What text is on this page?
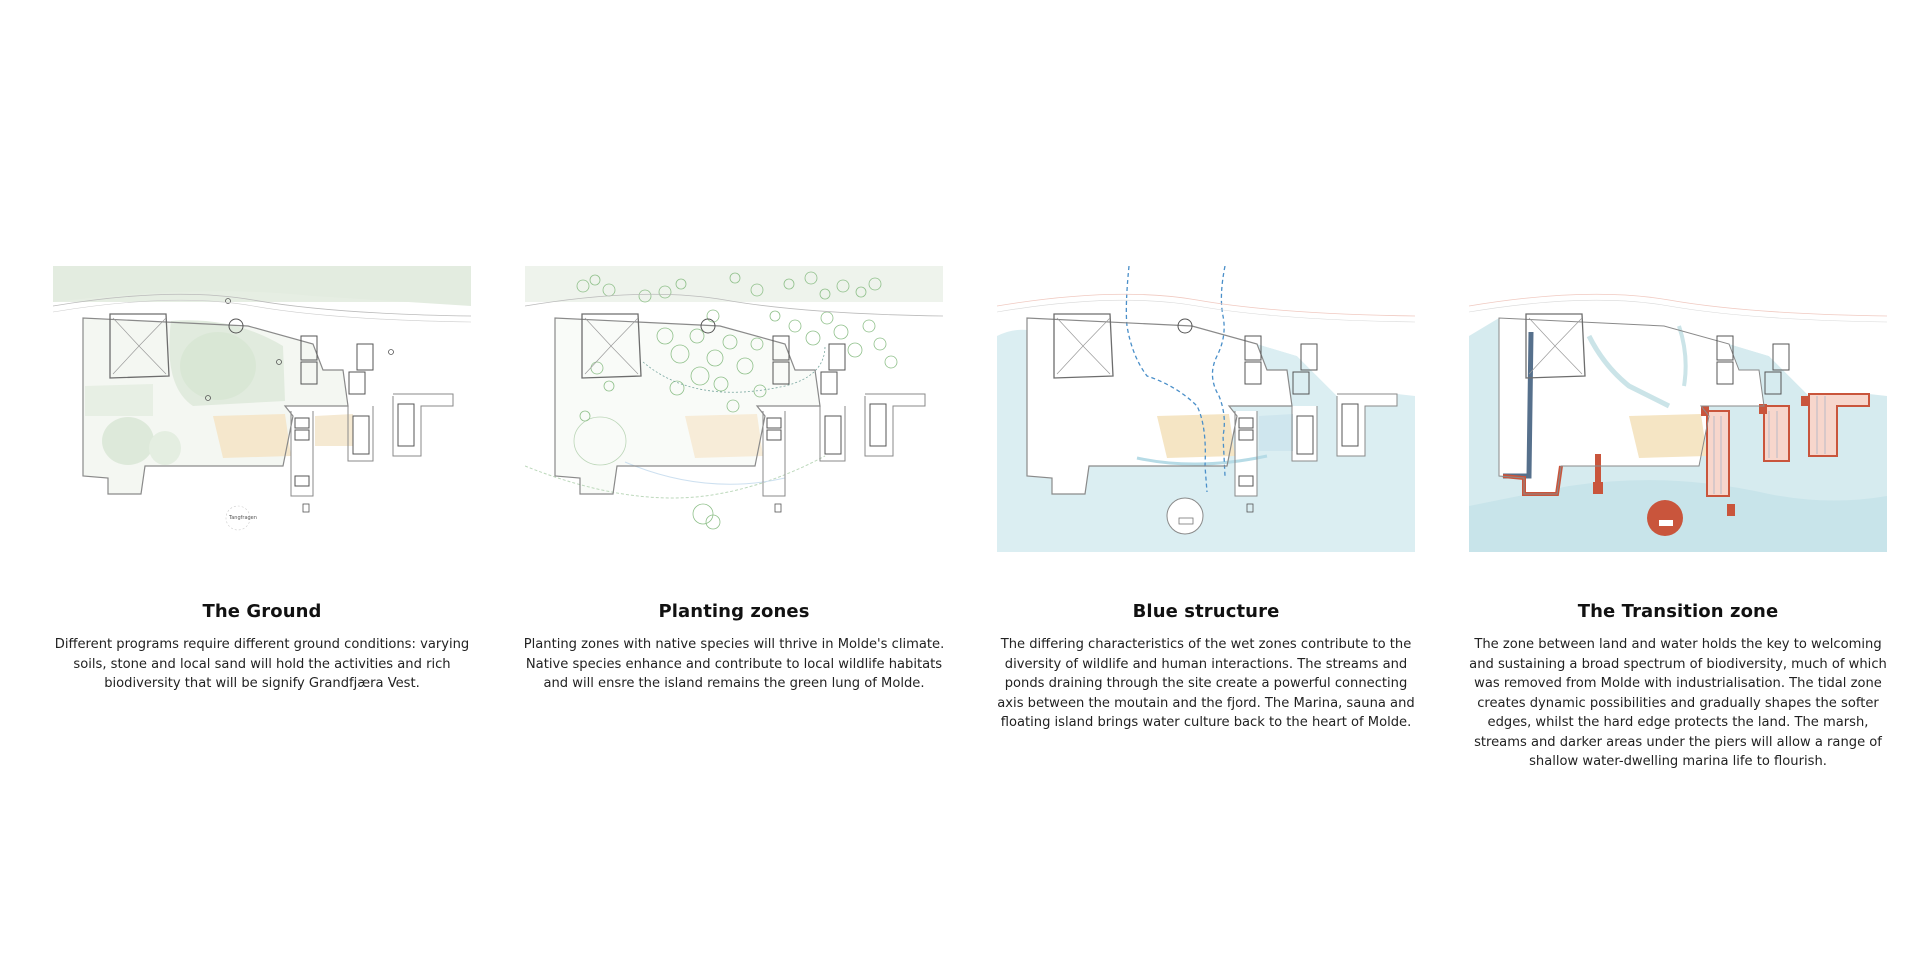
Tangfragen
The Ground

Different programs require different ground conditions: varying soils, stone and local sand will hold the activities and rich biodiversity that will be signify Grandfjæra Vest.

Planting zones

Planting zones with native species will thrive in Molde's climate. Native species enhance and contribute to local wildlife habitats and will ensre the island remains the green lung of Molde.

Blue structure

The differing characteristics of the wet zones contribute to the diversity of wildlife and human interactions. The streams and ponds draining through the site create a powerful connecting axis between the moutain and the fjord. The Marina, sauna and floating island brings water culture back to the heart of Molde.

The Transition zone

The zone between land and water holds the key to welcoming and sustaining a broad spectrum of biodiversity, much of which was removed from Molde with industrialisation. The tidal zone creates dynamic possibilities and gradually shapes the softer edges, whilst the hard edge protects the land. The marsh, streams and darker areas under the piers will allow a range of shallow water-dwelling marina life to flourish.
